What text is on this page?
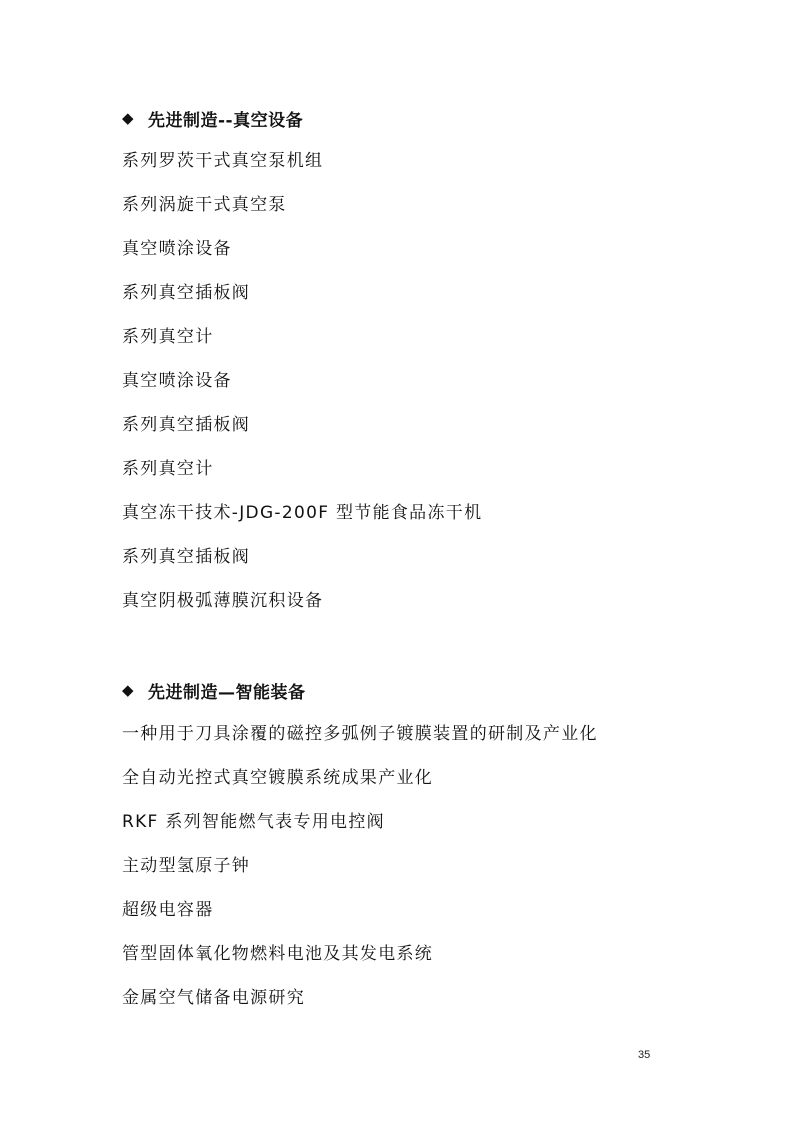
◆ 先进制造--真空设备
系列罗茨干式真空泵机组
系列涡旋干式真空泵
真空喷涂设备
系列真空插板阀
系列真空计
真空喷涂设备
系列真空插板阀
系列真空计
真空冻干技术-JDG-200F 型节能食品冻干机
系列真空插板阀
真空阴极弧薄膜沉积设备
◆ 先进制造—智能装备
一种用于刀具涂覆的磁控多弧例子镀膜装置的研制及产业化
全自动光控式真空镀膜系统成果产业化
RKF 系列智能燃气表专用电控阀
主动型氢原子钟
超级电容器
管型固体氧化物燃料电池及其发电系统
金属空气储备电源研究
35
